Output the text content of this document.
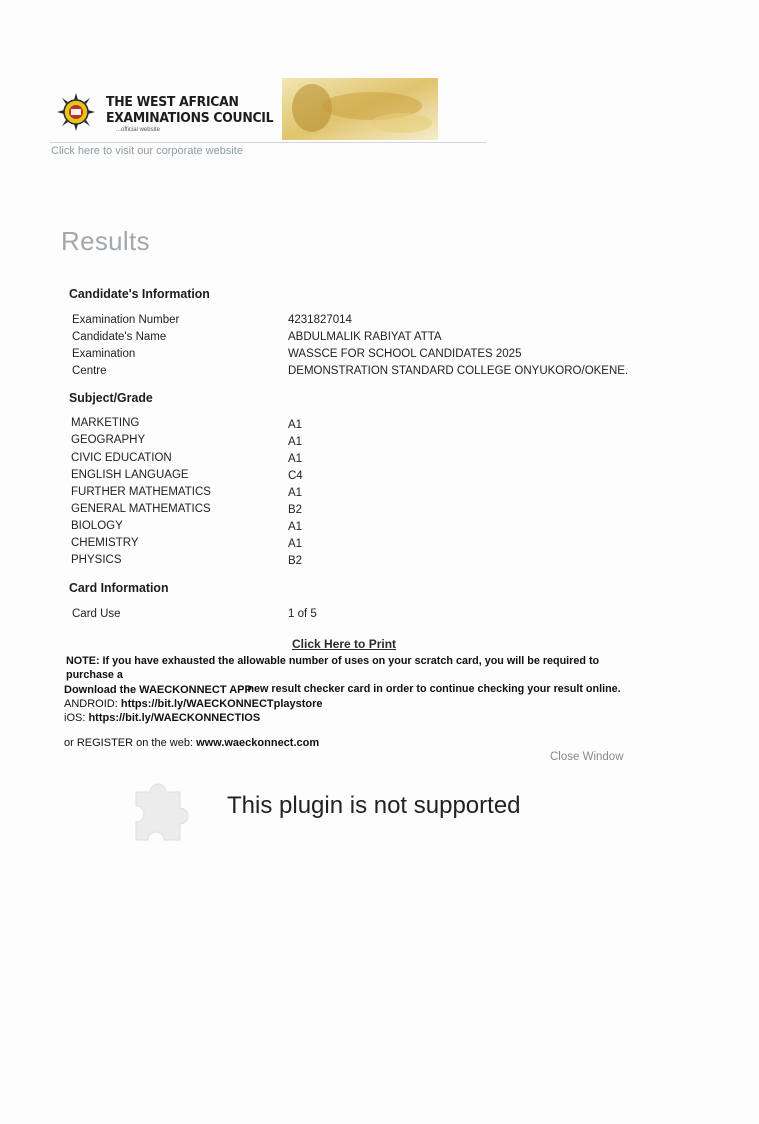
THE WEST AFRICAN
EXAMINATIONS COUNCIL
...official website
Click here to visit our corporate website
Results
Candidate's Information
Examination Number	4231827014
Candidate's Name	ABDULMALIK RABIYAT ATTA
Examination	WASSCE FOR SCHOOL CANDIDATES 2025
Centre	DEMONSTRATION STANDARD COLLEGE ONYUKORO/OKENE.
Subject/Grade
MARKETING	A1
GEOGRAPHY	A1
CIVIC EDUCATION	A1
ENGLISH LANGUAGE	C4
FURTHER MATHEMATICS	A1
GENERAL MATHEMATICS	B2
BIOLOGY	A1
CHEMISTRY	A1
PHYSICS	B2
Card Information
Card Use	1 of 5
Click Here to Print
NOTE: If you have exhausted the allowable number of uses on your scratch card, you will be required to purchase a
new result checker card in order to continue checking your result online.
Download the WAECKONNECT APP
ANDROID: https://bit.ly/WAECKONNECTplaystore
iOS: https://bit.ly/WAECKONNECTIOS
or REGISTER on the web: www.waeckonnect.com
Close Window
This plugin is not supported
